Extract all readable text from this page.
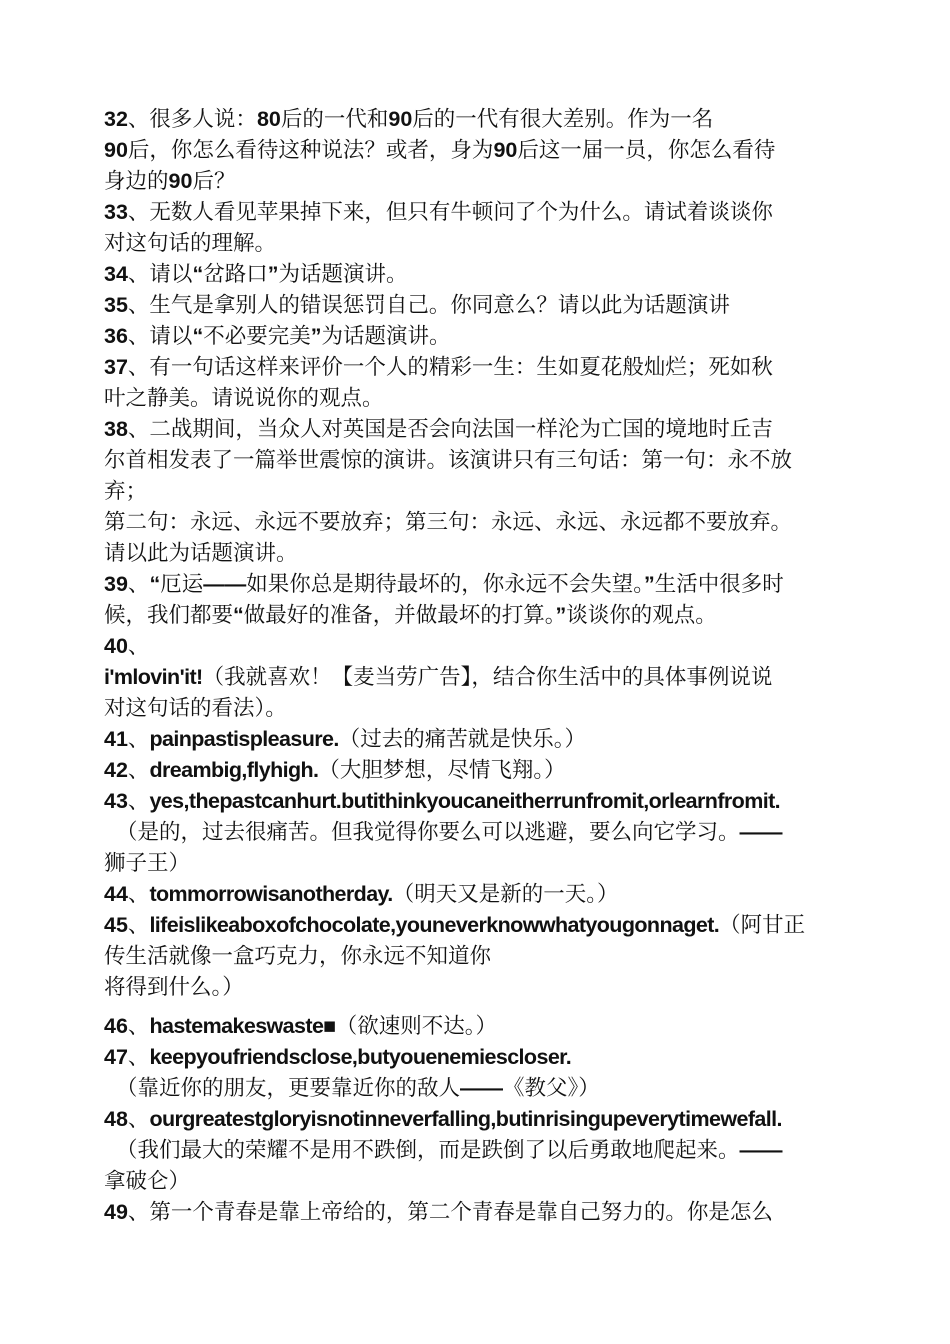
32、很多人说：80后的一代和90后的一代有很大差别。作为一名
90后，你怎么看待这种说法？或者，身为90后这一届一员，你怎么看待
身边的90后？
33、无数人看见苹果掉下来，但只有牛顿问了个为什么。请试着谈谈你
对这句话的理解。
34、请以“岔路口”为话题演讲。
35、生气是拿别人的错误惩罚自己。你同意么？请以此为话题演讲
36、请以“不必要完美”为话题演讲。
37、有一句话这样来评价一个人的精彩一生：生如夏花般灿烂；死如秋
叶之静美。请说说你的观点。
38、二战期间，当众人对英国是否会向法国一样沦为亡国的境地时丘吉
尔首相发表了一篇举世震惊的演讲。该演讲只有三句话：第一句：永不放
弃；
第二句：永远、永远不要放弃；第三句：永远、永远、永远都不要放弃。
请以此为话题演讲。
39、“厄运——如果你总是期待最坏的，你永远不会失望。”生活中很多时
候，我们都要“做最好的准备，并做最坏的打算。”谈谈你的观点。
40、
i'mlovin'it!（我就喜欢！【麦当劳广告】，结合你生活中的具体事例说说
对这句话的看法）。
41、painpastispleasure.（过去的痛苦就是快乐。）
42、dreambig,flyhigh.（大胆梦想，尽情飞翔。）
43、yes,thepastcanhurt.butithinkyoucaneitherrunfromit,orlearnfromit.
（是的，过去很痛苦。但我觉得你要么可以逃避，要么向它学习。——
狮子王）
44、tommorrowisanotherday.（明天又是新的一天。）
45、lifeislikeaboxofchocolate,youneverknowwhatyougonnaget.（阿甘正
传生活就像一盒巧克力，你永远不知道你
将得到什么。）
46、hastemakeswaste■（欲速则不达。）
47、keepyoufriendsclose,butyouenemiescloser.
（靠近你的朋友，更要靠近你的敌人——《教父》）
48、ourgreatestgloryisnotinneverfalling,butinrisingupeverytimewefall.
（我们最大的荣耀不是用不跌倒，而是跌倒了以后勇敢地爬起来。——
拿破仑）
49、第一个青春是靠上帝给的，第二个青春是靠自己努力的。你是怎么
